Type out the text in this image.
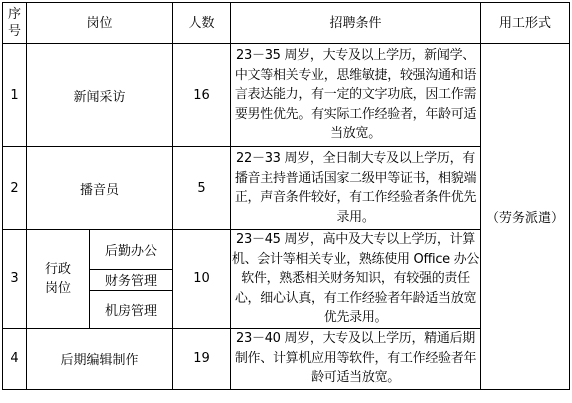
序号	岗位		人数	招聘条件	用工形式
1	新闻采访		16	23－35 周岁，大专及以上学历，新闻学、中文等相关专业，思维敏捷，较强沟通和语言表达能力，有一定的文字功底，因工作需要男性优先。有实际工作经验者，年龄可适当放宽。	（劳务派遣）
2	播音员		5	22－33 周岁，全日制大专及以上学历，有播音主持普通话国家二级甲等证书，相貌端正，声音条件较好，有工作经验者条件优先录用。	
3	行政岗位	后勤办公	10	23－45 周岁，高中及大专以上学历，计算机、会计等相关专业，熟练使用 Office 办公软件，熟悉相关财务知识，有较强的责任心，细心认真，有工作经验者年龄适当放宽优先录用。	
		财务管理			
		机房管理			
4	后期编辑制作		19	23－40 周岁，大专及以上学历，精通后期制作、计算机应用等软件，有工作经验者年龄可适当放宽。	
